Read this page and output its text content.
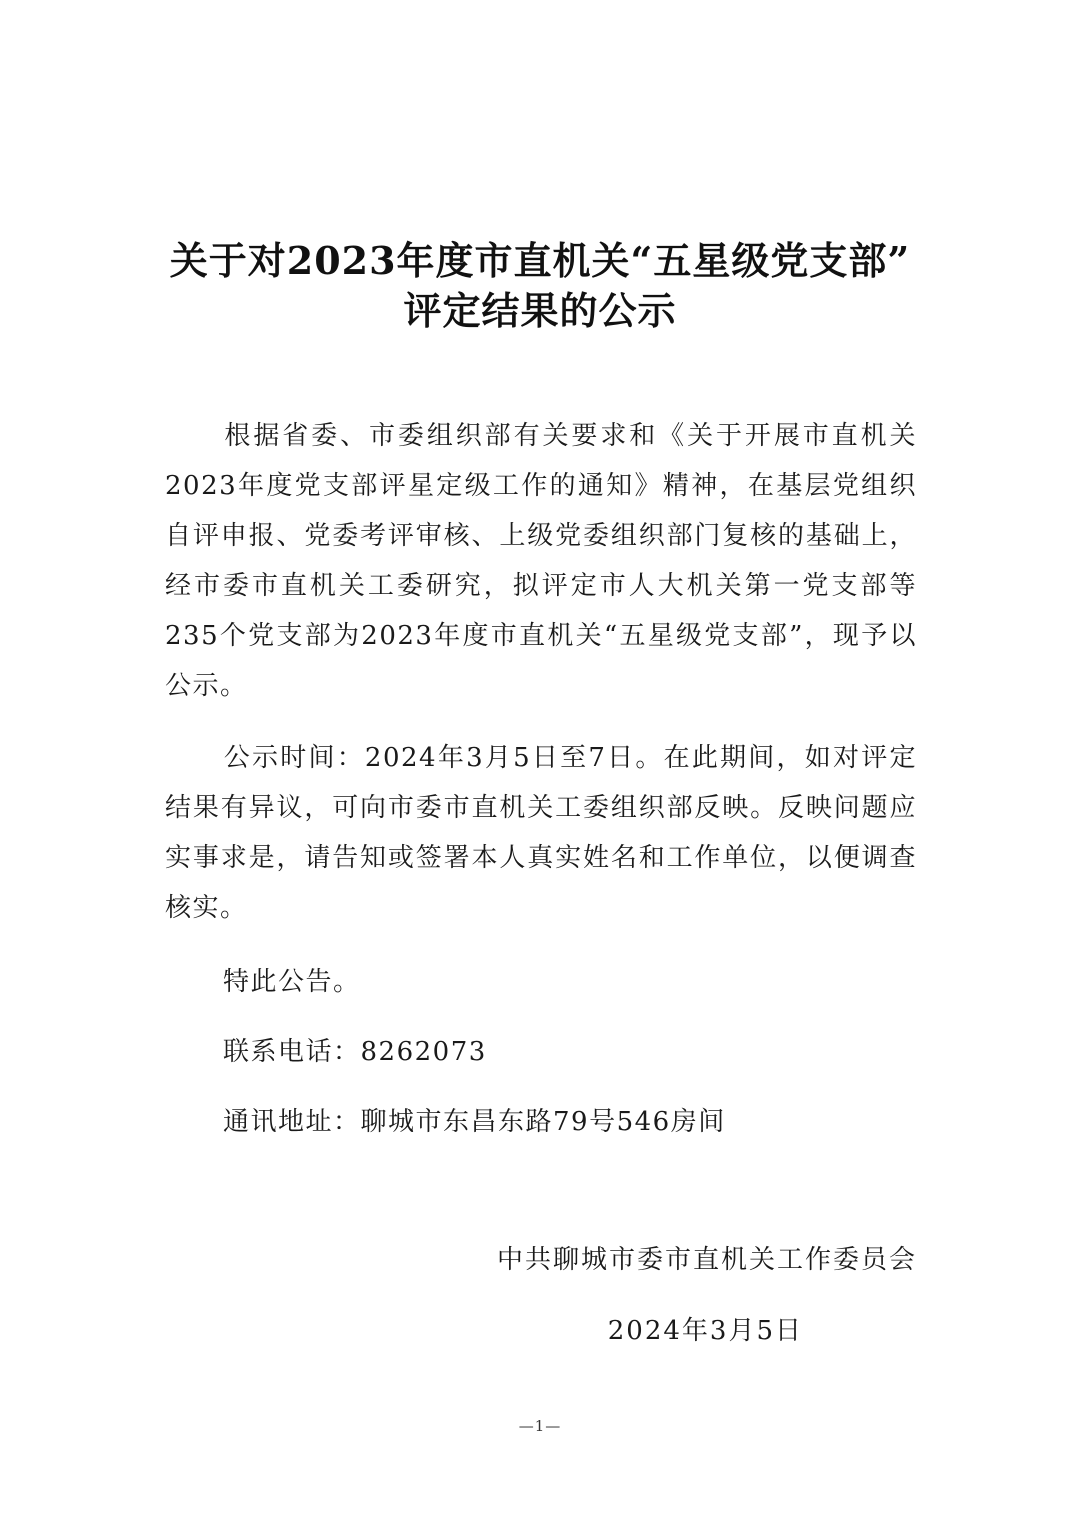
关于对2023年度市直机关“五星级党支部”
评定结果的公示
根据省委、市委组织部有关要求和《关于开展市直机关2023年度党支部评星定级工作的通知》精神，在基层党组织自评申报、党委考评审核、上级党委组织部门复核的基础上，经市委市直机关工委研究，拟评定市人大机关第一党支部等235个党支部为2023年度市直机关“五星级党支部”，现予以公示。
公示时间：2024年3月5日至7日。在此期间，如对评定结果有异议，可向市委市直机关工委组织部反映。反映问题应实事求是，请告知或签署本人真实姓名和工作单位，以便调查核实。
特此公告。
联系电话：8262073
通讯地址：聊城市东昌东路79号546房间
中共聊城市委市直机关工作委员会
2024年3月5日
—1—
